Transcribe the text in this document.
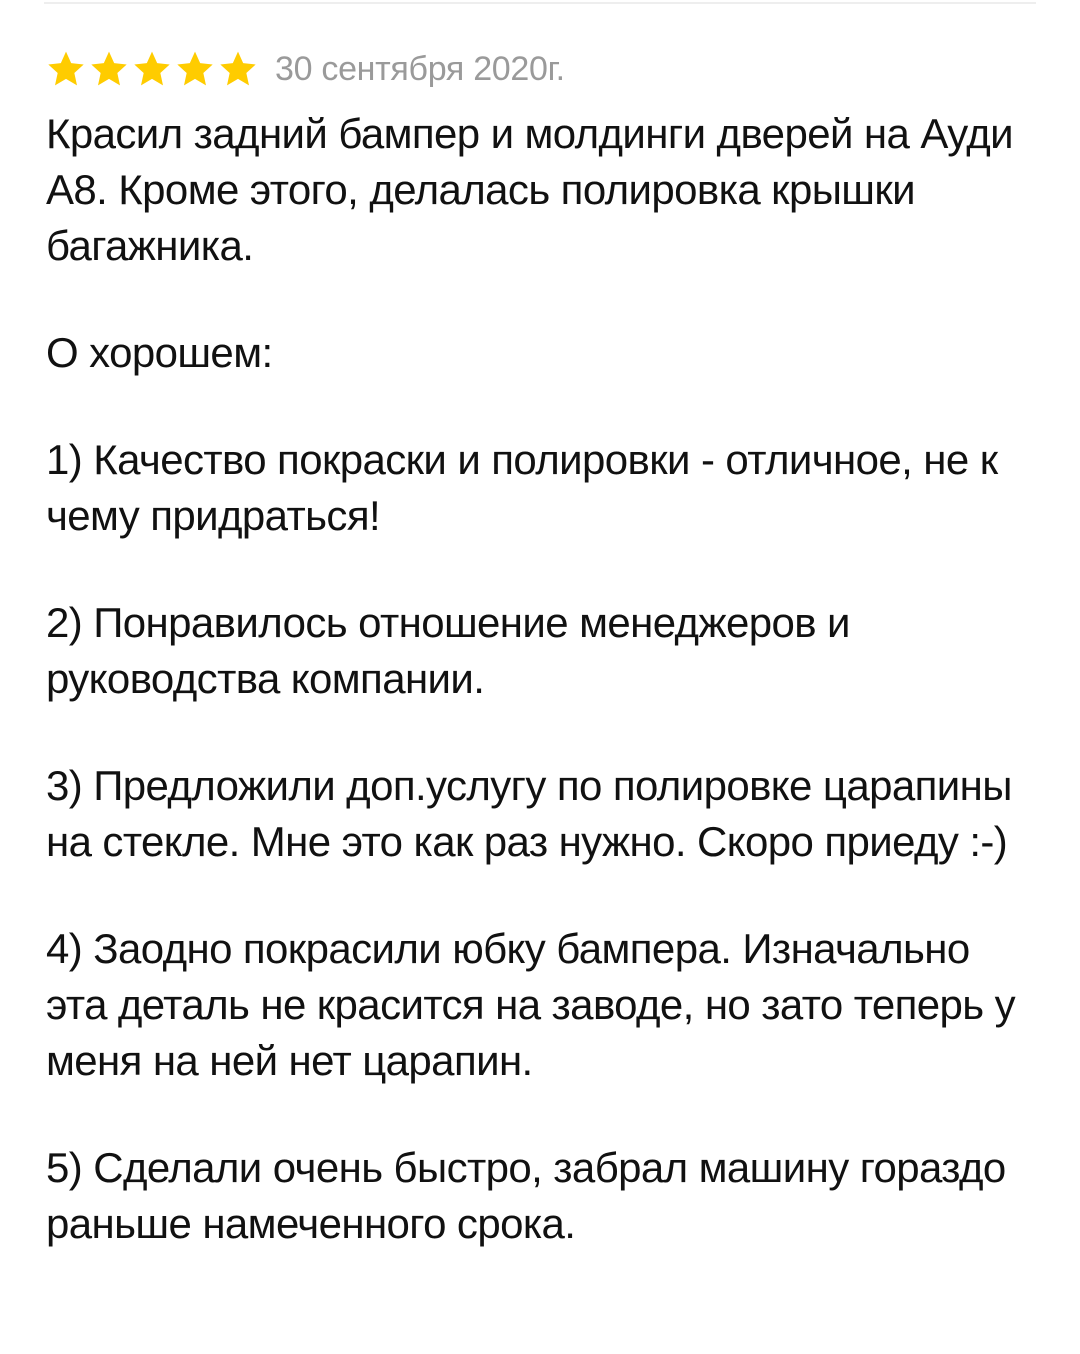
30 сентября 2020г.

Красил задний бампер и молдинги дверей на Ауди А8. Кроме этого, делалась полировка крышки багажника.

О хорошем:

1) Качество покраски и полировки - отличное, не к чему придраться!

2) Понравилось отношение менеджеров и руководства компании.

3) Предложили доп.услугу по полировке царапины на стекле. Мне это как раз нужно. Скоро приеду :-)

4) Заодно покрасили юбку бампера. Изначально эта деталь не красится на заводе, но зато теперь у меня на ней нет царапин.

5) Сделали очень быстро, забрал машину гораздо раньше намеченного срока.
